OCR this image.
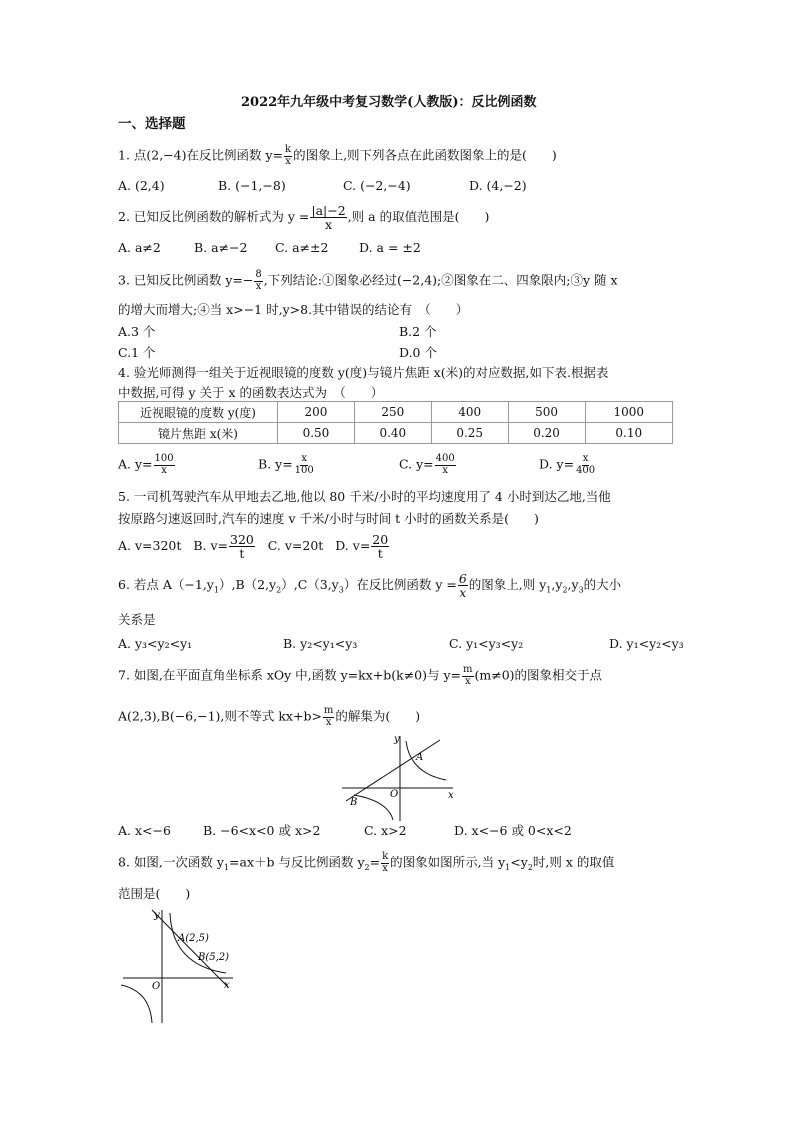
2022年九年级中考复习数学(人教版)：反比例函数
一、选择题
1. 点(2,−4)在反比例函数 $y= \frac{k}{x}$ 的图象上,则下列各点在此函数图象上的是(　　)
A. (2,4)	B. (−1,−8)	C. (−2,−4)	D. (4,−2)
2. 已知反比例函数的解析式为 $y = \frac{|a|-2}{x}$ ,则 a 的取值范围是(　　)
A. a≠2	B. a≠−2 C. a≠±2 D. a = ±2
3. 已知反比例函数 $y=- \frac{8}{x}$ ,下列结论:①图象必经过(−2,4);②图象在二、四象限内;③y 随 x
的增大而增大;④当 x>−1 时,y>8.其中错误的结论有　（　　）
A.3 个	B.2 个
C.1 个	D.0 个
4. 验光师测得一组关于近视眼镜的度数 y(度)与镜片焦距 x(米)的对应数据,如下表.根据表
中数据,可得 y 关于 x 的函数表达式为　（　　）
近视眼镜的度数 y(度)	200	250	400	500	1000
镜片焦距 x(米)	0.50	0.40	0.25	0.20	0.10
A. $y= \frac{100}{x}$	B. $y= \frac{x}{100}$	C. $y= \frac{400}{x}$	D. $y= \frac{x}{400}$
5. 一司机驾驶汽车从甲地去乙地,他以 80 千米/小时的平均速度用了 4 小时到达乙地,当他
按原路匀速返回时,汽车的速度 v 千米/小时与时间 t 小时的函数关系是(　　)
A. v=320t B. $v= \frac{320}{t} C$. v=20t D. $v= \frac{20}{t}$
6. 若点 $A(-1,y_1),B(2,y_2),C(3,y_3)$在反比例函数 $y = \frac{6}{x}$ 的图象上,则 $y_1,y_2,y_3$的大小
关系是
A. y₃<y₂<y₁	B. y₂<y₁<y₃	C. y₁<y₃<y₂	D. y₁<y₂<y₃
7. 如图,在平面直角坐标系 xOy 中,函数 y=kx+b(k≠0)与 $y= \frac{m}{x} (m\ne 0)$的图象相交于点
A(2,3),B(−6,−1),则不等式 $kx+b> \frac{m}{x}$ 的解集为(　　)
y
x
O
A
B
A. x<−6	B. −6<x<0 或 x>2	C. x>2	D. x<−6 或 0<x<2
8. 如图,一次函数 $y_1=ax+b$ 与反比例函数 $y_2= \frac{k}{x}$ 的图象如图所示,当 $y_1<y_2$时,则 x 的取值
范围是(　　)
y
x
O
A(2,5)
B(5,2)
